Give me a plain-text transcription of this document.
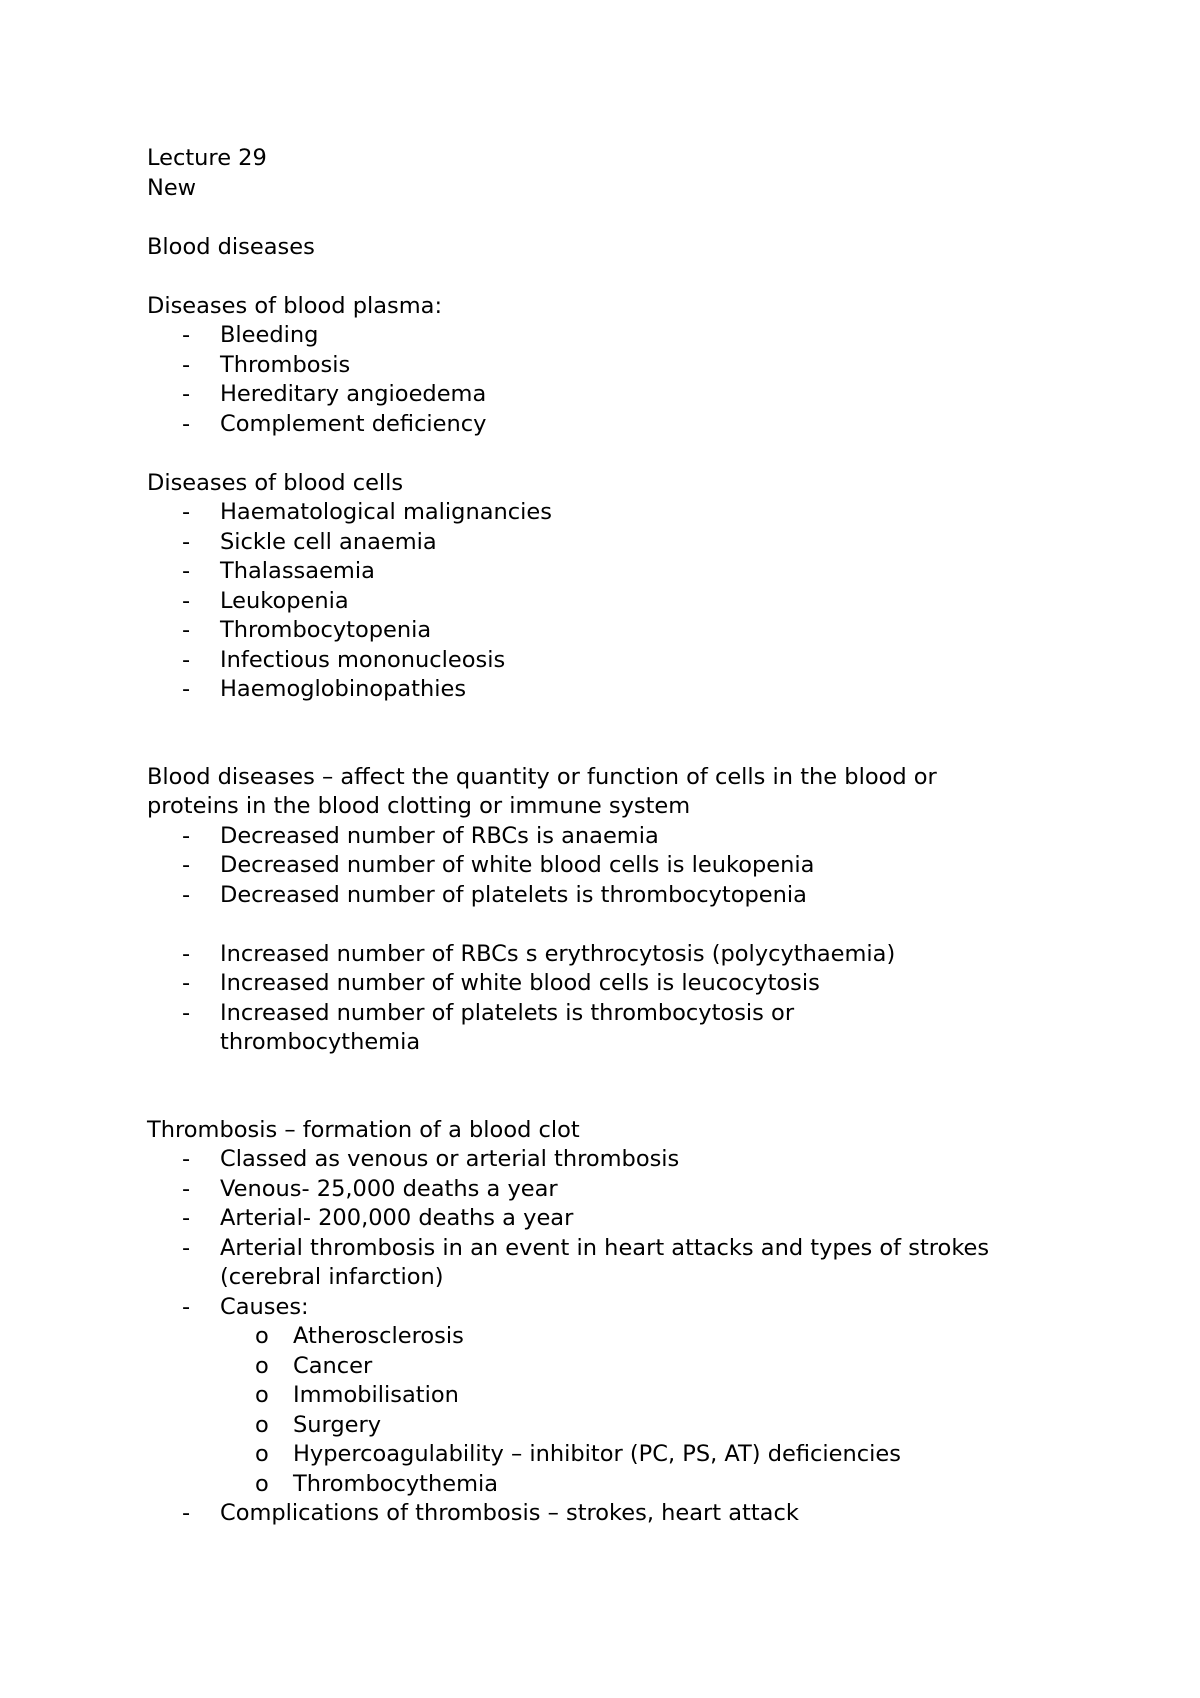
Lecture 29
New
Blood diseases
Diseases of blood plasma:
- Bleeding
- Thrombosis
- Hereditary angioedema
- Complement deficiency
Diseases of blood cells
- Haematological malignancies
- Sickle cell anaemia
- Thalassaemia
- Leukopenia
- Thrombocytopenia
- Infectious mononucleosis
- Haemoglobinopathies
Blood diseases – affect the quantity or function of cells in the blood or
proteins in the blood clotting or immune system
- Decreased number of RBCs is anaemia
- Decreased number of white blood cells is leukopenia
- Decreased number of platelets is thrombocytopenia
- Increased number of RBCs s erythrocytosis (polycythaemia)
- Increased number of white blood cells is leucocytosis
- Increased number of platelets is thrombocytosis or
thrombocythemia
Thrombosis – formation of a blood clot
- Classed as venous or arterial thrombosis
- Venous- 25,000 deaths a year
- Arterial- 200,000 deaths a year
- Arterial thrombosis in an event in heart attacks and types of strokes
(cerebral infarction)
- Causes:
o Atherosclerosis
o Cancer
o Immobilisation
o Surgery
o Hypercoagulability – inhibitor (PC, PS, AT) deficiencies
o Thrombocythemia
- Complications of thrombosis – strokes, heart attack
